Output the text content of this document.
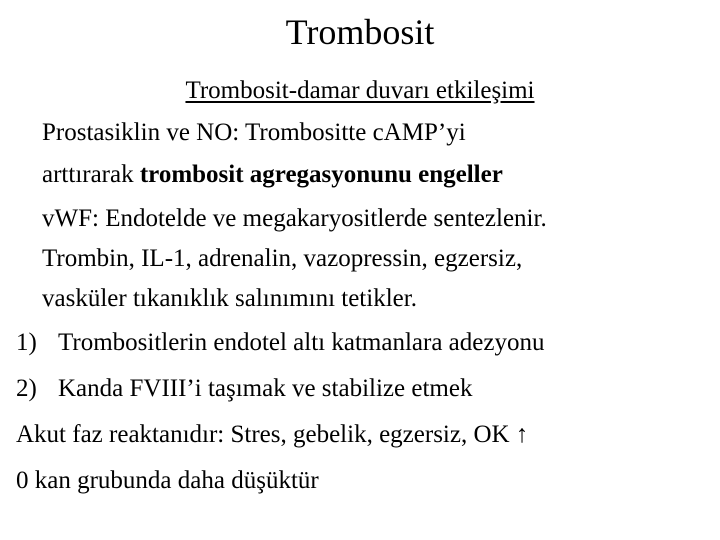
Trombosit
Trombosit-damar duvarı etkileşimi
Prostasiklin ve NO: Trombositte cAMP’yi
arttırarak trombosit agregasyonunu engeller
vWF: Endotelde ve megakaryositlerde sentezlenir.
Trombin, IL-1, adrenalin, vazopressin, egzersiz,
vasküler tıkanıklık salınımını tetikler.
1) Trombositlerin endotel altı katmanlara adezyonu
2) Kanda FVIII’i taşımak ve stabilize etmek
Akut faz reaktanıdır: Stres, gebelik, egzersiz, OK ↑
0 kan grubunda daha düşüktür
